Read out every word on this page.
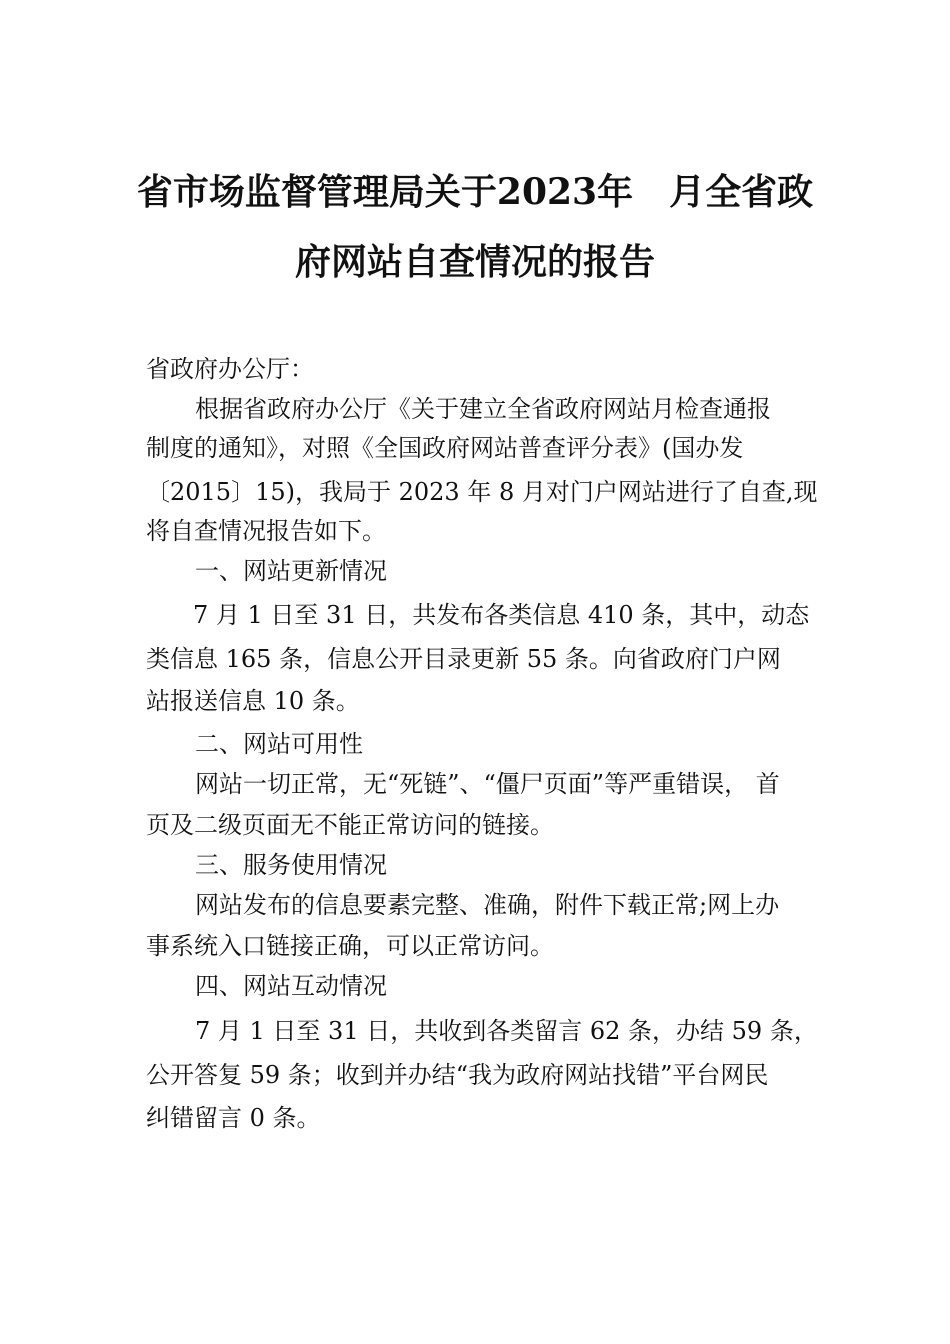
省市场监督管理局关于2023年　月全省政
府网站自查情况的报告
省政府办公厅：
根据省政府办公厅《关于建立全省政府网站月检查通报
制度的通知》，对照《全国政府网站普查评分表》(国办发
〔2015〕15)，我局于 2023 年 8 月对门户网站进行了自查,现
将自查情况报告如下。
一、网站更新情况
7 月 1 日至 31 日，共发布各类信息 410 条，其中，动态
类信息 165 条，信息公开目录更新 55 条。向省政府门户网
站报送信息 10 条。
二、网站可用性
网站一切正常，无“死链”、“僵尸页面”等严重错误， 首
页及二级页面无不能正常访问的链接。
三、服务使用情况
网站发布的信息要素完整、准确，附件下载正常;网上办
事系统入口链接正确，可以正常访问。
四、网站互动情况
7 月 1 日至 31 日，共收到各类留言 62 条，办结 59 条，
公开答复 59 条；收到并办结“我为政府网站找错”平台网民
纠错留言 0 条。
